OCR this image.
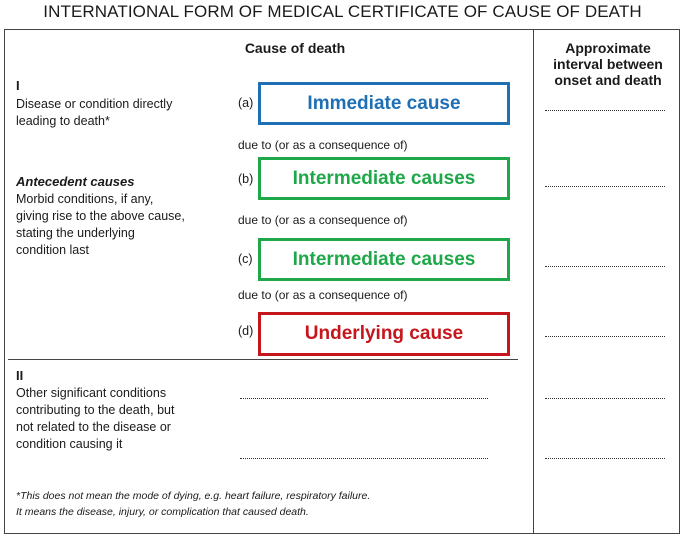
INTERNATIONAL FORM OF MEDICAL CERTIFICATE OF CAUSE OF DEATH
Cause of death	Approximate
interval between
onset and death
I
Disease or condition directly
leading to death*
Antecedent causes
Morbid conditions, if any,
giving rise to the above cause,
stating the underlying
condition last
(a)	Immediate cause
due to (or as a consequence of)
(b)	Intermediate causes
due to (or as a consequence of)
(c)	Intermediate causes
due to (or as a consequence of)
(d)	Underlying cause
II
Other significant conditions
contributing to the death, but
not related to the disease or
condition causing it
*This does not mean the mode of dying, e.g. heart failure, respiratory failure.
It means the disease, injury, or complication that caused death.
